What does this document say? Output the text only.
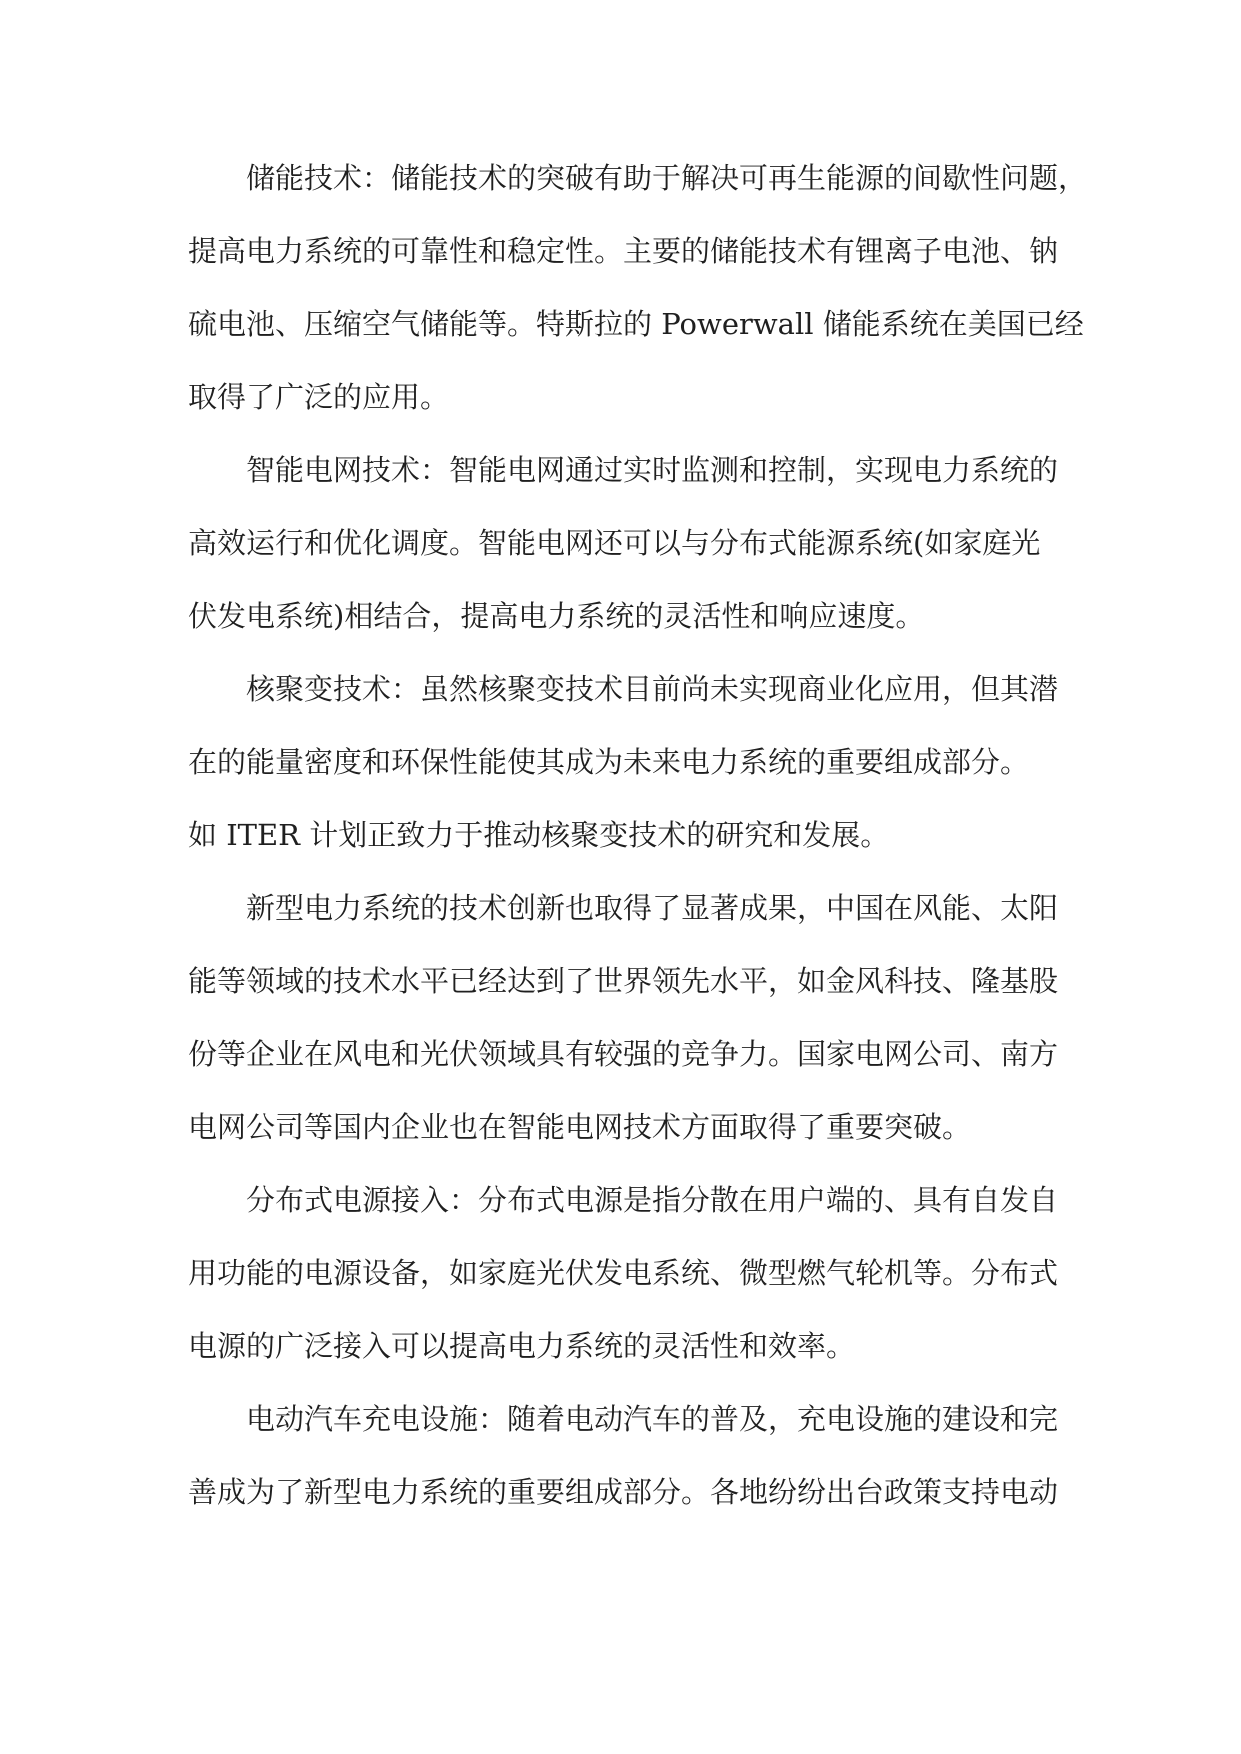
储能技术：储能技术的突破有助于解决可再生能源的间歇性问题，
提高电力系统的可靠性和稳定性。主要的储能技术有锂离子电池、钠
硫电池、压缩空气储能等。特斯拉的 Powerwall 储能系统在美国已经
取得了广泛的应用。
智能电网技术：智能电网通过实时监测和控制，实现电力系统的
高效运行和优化调度。智能电网还可以与分布式能源系统(如家庭光
伏发电系统)相结合，提高电力系统的灵活性和响应速度。
核聚变技术：虽然核聚变技术目前尚未实现商业化应用，但其潜
在的能量密度和环保性能使其成为未来电力系统的重要组成部分。
如 ITER 计划正致力于推动核聚变技术的研究和发展。
新型电力系统的技术创新也取得了显著成果，中国在风能、太阳
能等领域的技术水平已经达到了世界领先水平，如金风科技、隆基股
份等企业在风电和光伏领域具有较强的竞争力。国家电网公司、南方
电网公司等国内企业也在智能电网技术方面取得了重要突破。
分布式电源接入：分布式电源是指分散在用户端的、具有自发自
用功能的电源设备，如家庭光伏发电系统、微型燃气轮机等。分布式
电源的广泛接入可以提高电力系统的灵活性和效率。
电动汽车充电设施：随着电动汽车的普及，充电设施的建设和完
善成为了新型电力系统的重要组成部分。各地纷纷出台政策支持电动
